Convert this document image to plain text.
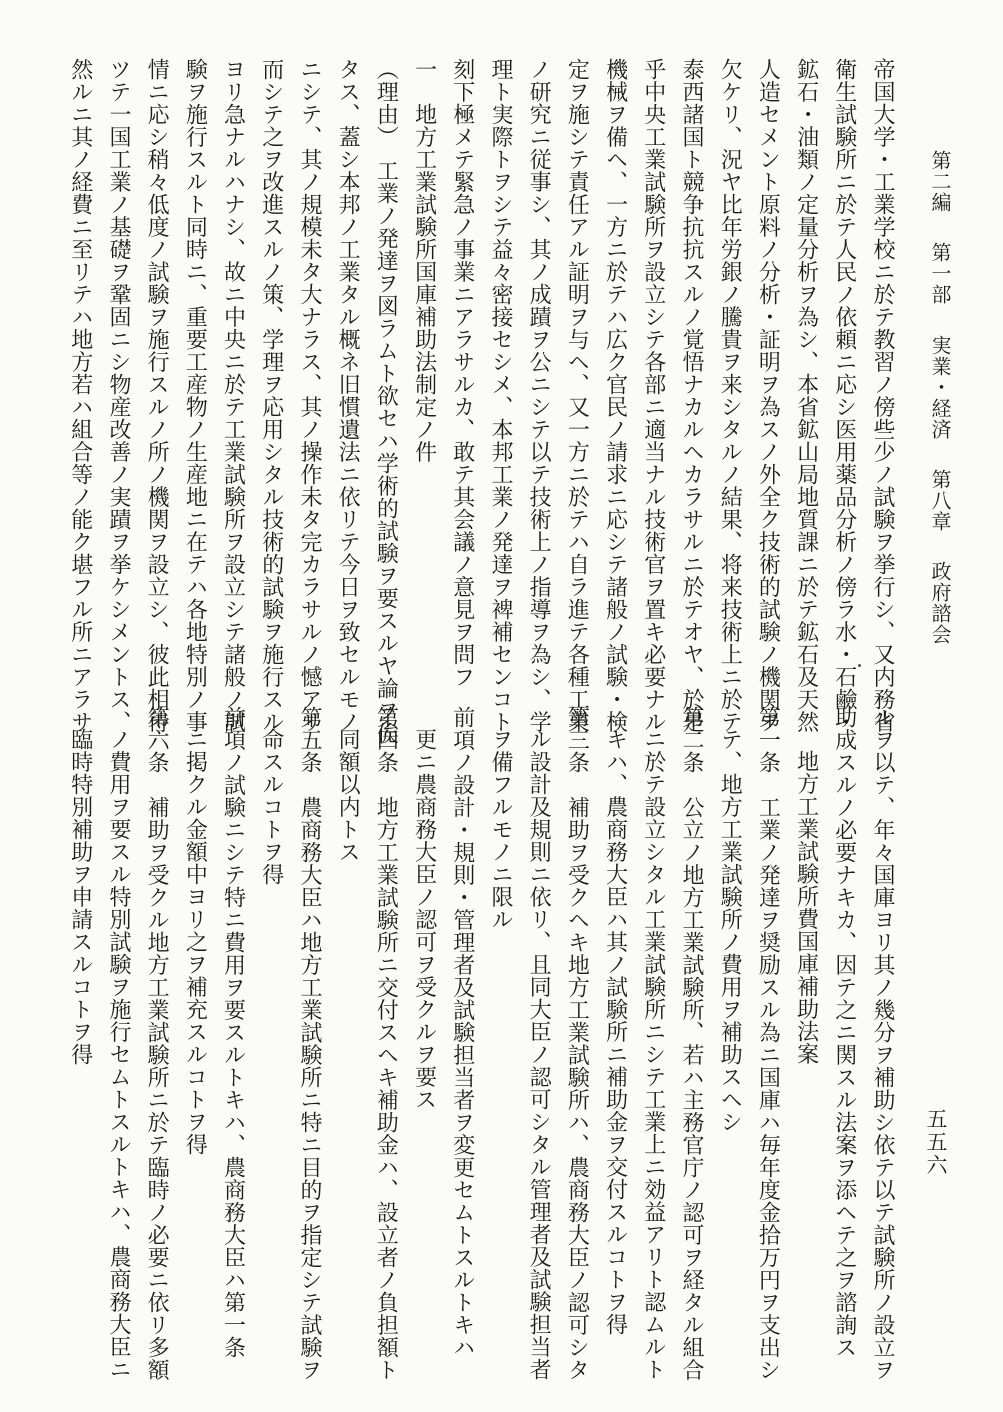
第二編 第一部 実業・経済 第八章 政府諮会
帝国大学・工業学校ニ於テ教習ノ傍些少ノ試験ヲ挙行シ、又内務省
衛生試験所ニ於テ人民ノ依頼ニ応シ医用薬品分析ノ傍ラ水・石鹼・
鉱石・油類ノ定量分析ヲ為シ、本省鉱山局地質課ニ於テ鉱石及天然
人造セメント原料ノ分析・証明ヲ為スノ外全ク技術的試験ノ機関ヲ
欠ケリ、況ヤ比年労銀ノ騰貴ヲ来シタルノ結果、将来技術上ニ於テ
泰西諸国ト競争抗抗スルノ覚悟ナカルヘカラサルニ於テオヤ、於是
乎中央工業試験所ヲ設立シテ各部ニ適当ナル技術官ヲ置キ必要ナル
機械ヲ備ヘ、一方ニ於テハ広ク官民ノ請求ニ応シテ諸般ノ試験・検
定ヲ施シテ責任アル証明ヲ与ヘ、又一方ニ於テハ自ラ進テ各種工業
ノ研究ニ従事シ、其ノ成蹟ヲ公ニシテ以テ技術上ノ指導ヲ為シ、学
理ト実際トヲシテ益々密接セシメ、本邦工業ノ発達ヲ裨補センコト
刻下極メテ緊急ノ事業ニアラサルカ、敢テ其会議ノ意見ヲ問フ
一　地方工業試験所国庫補助法制定ノ件
（理由）　工業ノ発達ヲ図ラムト欲セハ学術的試験ヲ要スルヤ論ヲ俟
タス、蓋シ本邦ノ工業タル概ネ旧慣遺法ニ依リテ今日ヲ致セルモノ
ニシテ、其ノ規模未タ大ナラス、其ノ操作未タ完カラサルノ憾アリ
而シテ之ヲ改進スルノ策、学理ヲ応用シタル技術的試験ヲ施行スル
ヨリ急ナルハナシ、故ニ中央ニ於テ工業試験所ヲ設立シテ諸般ノ試
験ヲ施行スルト同時ニ、重要工産物ノ生産地ニ在テハ各地特別ノ事
情ニ応シ稍々低度ノ試験ヲ施行スルノ所ノ機関ヲ設立シ、彼此相待
ツテ一国工業ノ基礎ヲ鞏固ニシ物産改善ノ実蹟ヲ挙ケシメントス、
然ルニ其ノ経費ニ至リテハ地方若ハ組合等ノ能ク堪フル所ニアラサ
ルヲ以テ、年々国庫ヨリ其ノ幾分ヲ補助シ依テ以テ試験所ノ設立ヲ
助成スルノ必要ナキカ、因テ之ニ関スル法案ヲ添ヘテ之ヲ諮詢ス
地方工業試験所費国庫補助法案
第一条　工業ノ発達ヲ奨励スル為ニ国庫ハ毎年度金拾万円ヲ支出シ
テ、地方工業試験所ノ費用ヲ補助スヘシ
第二条　公立ノ地方工業試験所、若ハ主務官庁ノ認可ヲ経タル組合
ニ於テ設立シタル工業試験所ニシテ工業上ニ効益アリト認ムルト
キハ、農商務大臣ハ其ノ試験所ニ補助金ヲ交付スルコトヲ得
第三条　補助ヲ受クヘキ地方工業試験所ハ、農商務大臣ノ認可シタ
ル設計及規則ニ依リ、且同大臣ノ認可シタル管理者及試験担当者
ヲ備フルモノニ限ル
前項ノ設計・規則・管理者及試験担当者ヲ変更セムトスルトキハ
更ニ農商務大臣ノ認可ヲ受クルヲ要ス
第四条　地方工業試験所ニ交付スヘキ補助金ハ、設立者ノ負担額ト
同額以内トス
第五条　農商務大臣ハ地方工業試験所ニ特ニ目的ヲ指定シテ試験ヲ
命スルコトヲ得
前項ノ試験ニシテ特ニ費用ヲ要スルトキハ、農商務大臣ハ第一条
ニ掲クル金額中ヨリ之ヲ補充スルコトヲ得
第六条　補助ヲ受クル地方工業試験所ニ於テ臨時ノ必要ニ依リ多額
ノ費用ヲ要スル特別試験ヲ施行セムトスルトキハ、農商務大臣ニ
臨時特別補助ヲ申請スルコトヲ得
五五六
